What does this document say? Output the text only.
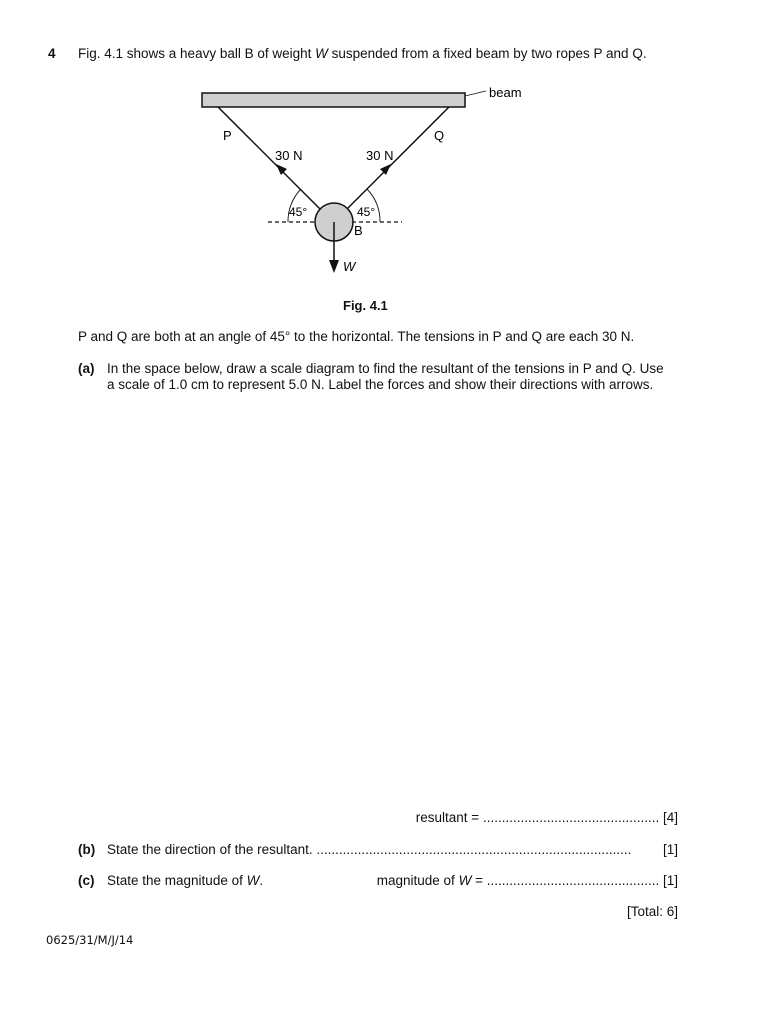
4 Fig. 4.1 shows a heavy ball B of weight W suspended from a fixed beam by two ropes P and Q.
beam
P	Q
30 N	30 N
45°	45°
B
W
Fig. 4.1
P and Q are both at an angle of 45° to the horizontal. The tensions in P and Q are each 30 N.
(a) In the space below, draw a scale diagram to find the resultant of the tensions in P and Q. Use
a scale of 1.0 cm to represent 5.0 N. Label the forces and show their directions with arrows.
resultant = ............................................... [4]
(b) State the direction of the resultant. .................................................................................... [1]
(c) State the magnitude of W.	magnitude of W = .............................................. [1]
[Total: 6]
0625/31/M/J/14
